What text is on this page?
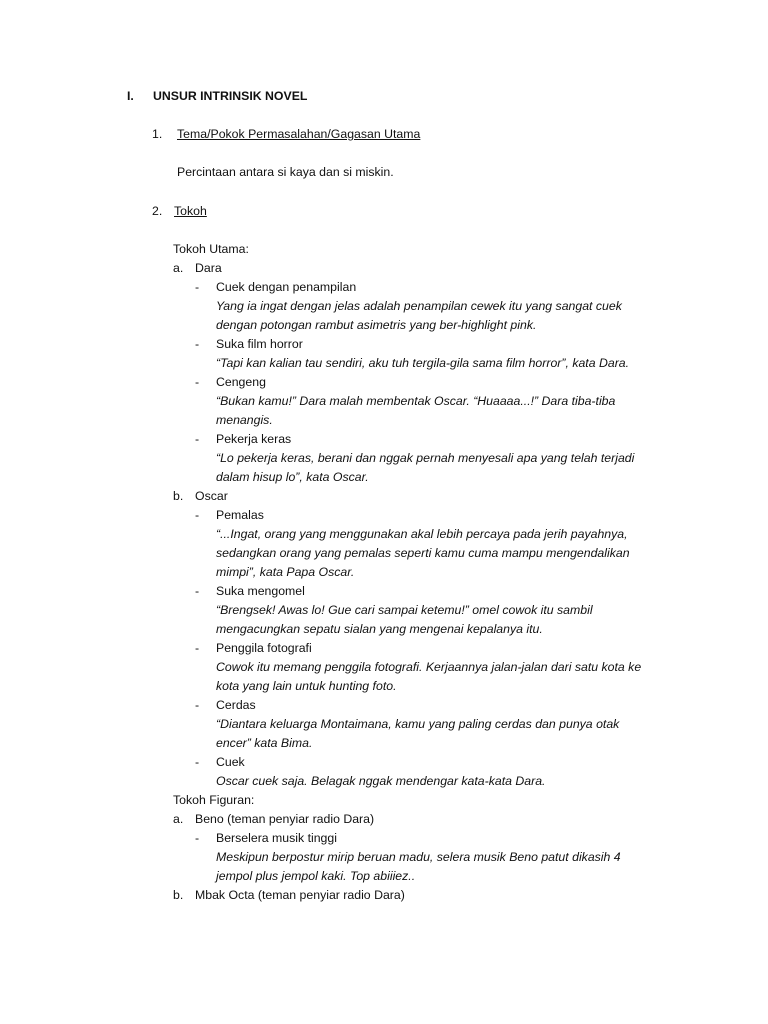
I. UNSUR INTRINSIK NOVEL
1. Tema/Pokok Permasalahan/Gagasan Utama
Percintaan antara si kaya dan si miskin.
2. Tokoh
Tokoh Utama:
a. Dara
- Cuek dengan penampilan
Yang ia ingat dengan jelas adalah penampilan cewek itu yang sangat cuek
dengan potongan rambut asimetris yang ber-highlight pink.
- Suka film horror
“Tapi kan kalian tau sendiri, aku tuh tergila-gila sama film horror”, kata Dara.
- Cengeng
“Bukan kamu!” Dara malah membentak Oscar. “Huaaaa...!” Dara tiba-tiba
menangis.
- Pekerja keras
“Lo pekerja keras, berani dan nggak pernah menyesali apa yang telah terjadi
dalam hisup lo”, kata Oscar.
b. Oscar
- Pemalas
“...Ingat, orang yang menggunakan akal lebih percaya pada jerih payahnya,
sedangkan orang yang pemalas seperti kamu cuma mampu mengendalikan
mimpi”, kata Papa Oscar.
- Suka mengomel
“Brengsek! Awas lo! Gue cari sampai ketemu!” omel cowok itu sambil
mengacungkan sepatu sialan yang mengenai kepalanya itu.
- Penggila fotografi
Cowok itu memang penggila fotografi. Kerjaannya jalan-jalan dari satu kota ke
kota yang lain untuk hunting foto.
- Cerdas
“Diantara keluarga Montaimana, kamu yang paling cerdas dan punya otak
encer” kata Bima.
- Cuek
Oscar cuek saja. Belagak nggak mendengar kata-kata Dara.
Tokoh Figuran:
a. Beno (teman penyiar radio Dara)
- Berselera musik tinggi
Meskipun berpostur mirip beruan madu, selera musik Beno patut dikasih 4
jempol plus jempol kaki. Top abiiiez..
b. Mbak Octa (teman penyiar radio Dara)
